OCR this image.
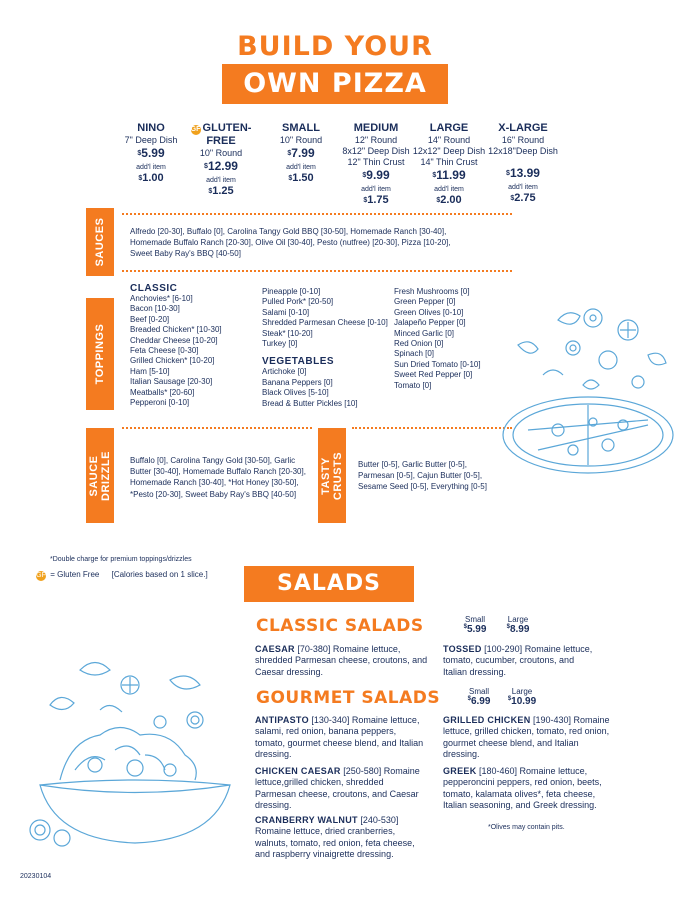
BUILD YOUR
OWN PIZZA
NINO
7" Deep Dish
$5.99
add'l item
$1.00
GF GLUTEN-FREE
10" Round
$12.99
add'l item
$1.25
SMALL
10" Round
$7.99
add'l item
$1.50
MEDIUM
12" Round
8x12" Deep Dish
12" Thin Crust
$9.99
add'l item
$1.75
LARGE
14" Round
12x12" Deep Dish
14" Thin Crust
$11.99
add'l item
$2.00
X-LARGE
16" Round
12x18"Deep Dish
$13.99
add'l item
$2.75
SAUCES	Alfredo [20-30], Buffalo [0], Carolina Tangy Gold BBQ [30-50], Homemade Ranch [30-40],
Homemade Buffalo Ranch [20-30], Olive Oil [30-40], Pesto (nutfree) [20-30], Pizza [10-20],
Sweet Baby Ray's BBQ [40-50]
TOPPINGS
CLASSIC
Anchovies* [6-10]
Bacon [10-30]
Beef [0-20]
Breaded Chicken* [10-30]
Cheddar Cheese [10-20]
Feta Cheese [0-30]
Grilled Chicken* [10-20]
Ham [5-10]
Italian Sausage [20-30]
Meatballs* [20-60]
Pepperoni [0-10]
Pineapple [0-10]
Pulled Pork* [20-50]
Salami [0-10]
Shredded Parmesan Cheese [0-10]
Steak* [10-20]
Turkey [0]
VEGETABLES
Artichoke [0]
Banana Peppers [0]
Black Olives [5-10]
Bread & Butter Pickles [10]
Fresh Mushrooms [0]
Green Pepper [0]
Green Olives [0-10]
Jalapeño Pepper [0]
Minced Garlic [0]
Red Onion [0]
Spinach [0]
Sun Dried Tomato [0-10]
Sweet Red Pepper [0]
Tomato [0]
SAUCE DRIZZLE Buffalo [0], Carolina Tangy Gold [30-50], Garlic
Butter [30-40], Homemade Buffalo Ranch [20-30],
Homemade Ranch [30-40], *Hot Honey [30-50],
*Pesto [20-30], Sweet Baby Ray's BBQ [40-50]	TASTY CRUSTS Butter [0-5], Garlic Butter [0-5],
Parmesan [0-5], Cajun Butter [0-5],
Sesame Seed [0-5], Everything [0-5]
*Double charge for premium toppings/drizzles
GF = Gluten Free [Calories based on 1 slice.]	SALADS
CLASSIC SALADS	Small
$5.99
Large
$8.99
CAESAR [70-380] Romaine lettuce, shredded Parmesan cheese, croutons, and Caesar dressing.
TOSSED [100-290] Romaine lettuce, tomato, cucumber, croutons, and Italian dressing.
GOURMET SALADS	Small
$6.99
Large
$10.99
ANTIPASTO [130-340] Romaine lettuce, salami, red onion, banana peppers, tomato, gourmet cheese blend, and Italian dressing.
CHICKEN CAESAR [250-580] Romaine lettuce,grilled chicken, shredded Parmesan cheese, croutons, and Caesar dressing.
CRANBERRY WALNUT [240-530] Romaine lettuce, dried cranberries, walnuts, tomato, red onion, feta cheese, and raspberry vinaigrette dressing.
GRILLED CHICKEN [190-430] Romaine lettuce, grilled chicken, tomato, red onion, gourmet cheese blend, and Italian dressing.
GREEK [180-460] Romaine lettuce, pepperoncini peppers, red onion, beets, tomato, kalamata olives*, feta cheese, Italian seasoning, and Greek dressing.
*Olives may contain pits.
20230104
